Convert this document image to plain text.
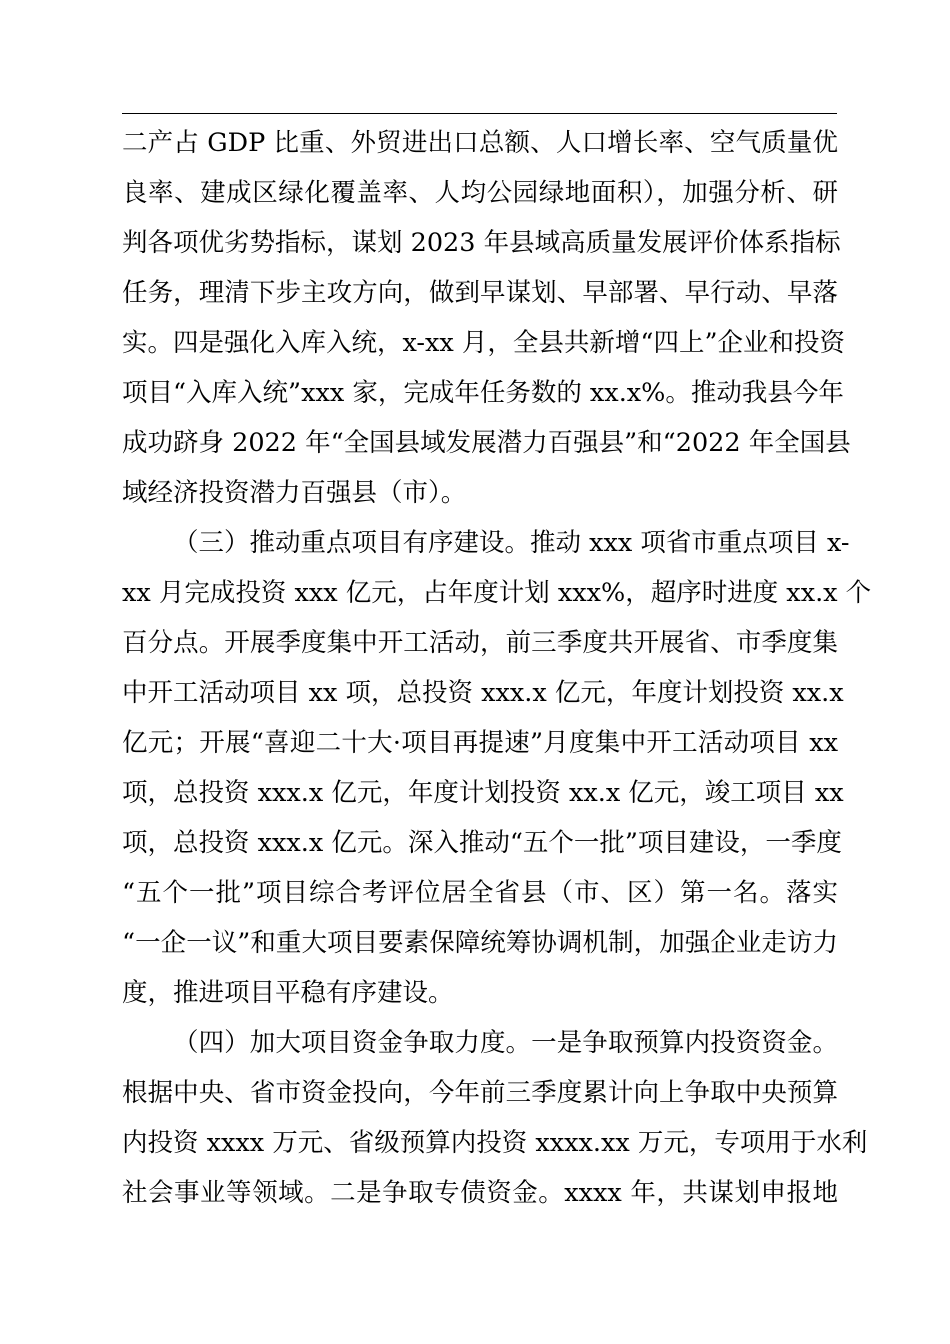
二产占 GDP 比重、外贸进出口总额、人口增长率、空气质量优
良率、建成区绿化覆盖率、人均公园绿地面积），加强分析、研
判各项优劣势指标，谋划 2023 年县域高质量发展评价体系指标
任务，理清下步主攻方向，做到早谋划、早部署、早行动、早落
实。四是强化入库入统，x-xx 月，全县共新增“四上”企业和投资
项目“入库入统”xxx 家，完成年任务数的 xx.x%。推动我县今年
成功跻身 2022 年“全国县域发展潜力百强县”和“2022 年全国县
域经济投资潜力百强县（市）。
（三）推动重点项目有序建设。推动 xxx 项省市重点项目 x-
xx 月完成投资 xxx 亿元，占年度计划 xxx%，超序时进度 xx.x 个
百分点。开展季度集中开工活动，前三季度共开展省、市季度集
中开工活动项目 xx 项，总投资 xxx.x 亿元，年度计划投资 xx.x
亿元；开展“喜迎二十大·项目再提速”月度集中开工活动项目 xx
项，总投资 xxx.x 亿元，年度计划投资 xx.x 亿元，竣工项目 xx
项，总投资 xxx.x 亿元。深入推动“五个一批”项目建设，一季度
“五个一批”项目综合考评位居全省县（市、区）第一名。落实
“一企一议”和重大项目要素保障统筹协调机制，加强企业走访力
度，推进项目平稳有序建设。
（四）加大项目资金争取力度。一是争取预算内投资资金。
根据中央、省市资金投向，今年前三季度累计向上争取中央预算
内投资 xxxx 万元、省级预算内投资 xxxx.xx 万元，专项用于水利
社会事业等领域。二是争取专债资金。xxxx 年，共谋划申报地
